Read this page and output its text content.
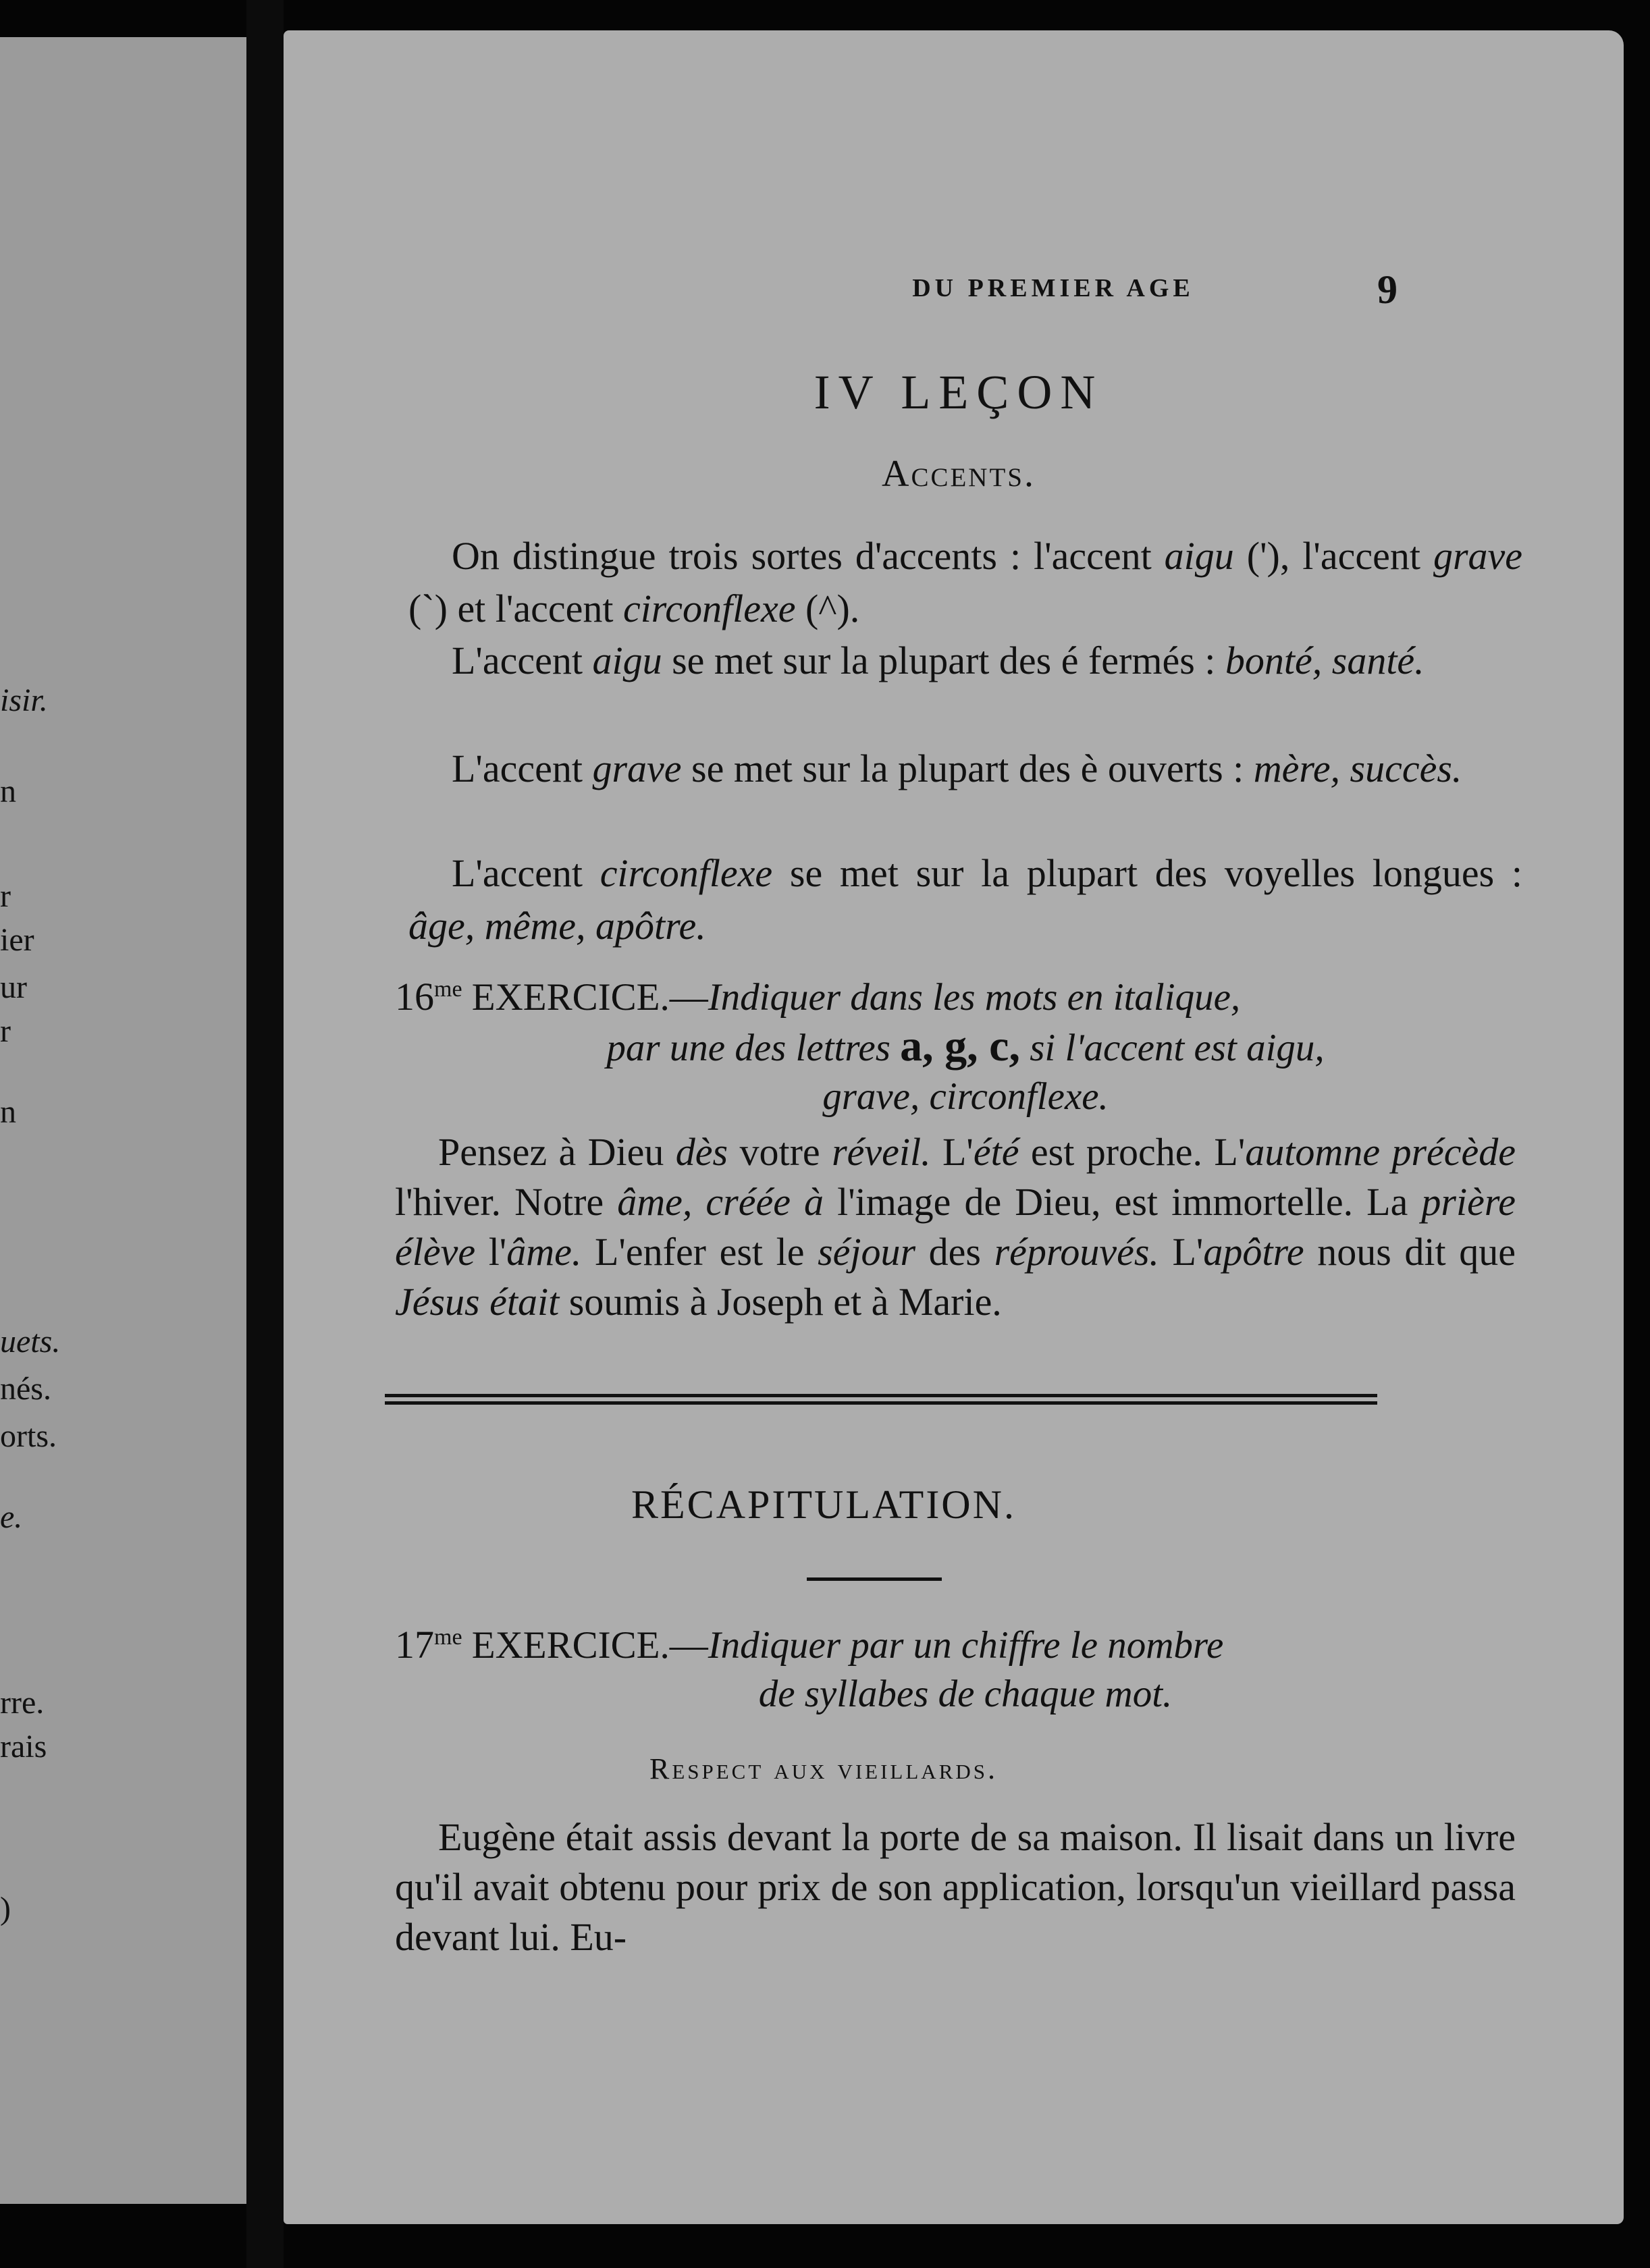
isir.
n
r
ier
ur
r
n
uets.
nés.
orts.
e.
rre.
rais
)
DU PREMIER AGE	9
IV LEÇON
Accents.

On distingue trois sortes d'accents : l'accent aigu ('), l'accent grave (`) et l'accent circonflexe (^).

L'accent aigu se met sur la plupart des é fermés : bonté, santé.

L'accent grave se met sur la plupart des è ouverts : mère, succès.

L'accent circonflexe se met sur la plupart des voyelles longues : âge, même, apôtre.

$16^{me}$ EXERCICE.—Indiquer dans les mots en italique,
par une des lettres a, g, c, si l'accent est aigu,
grave, circonflexe.

Pensez à Dieu dès votre réveil. L'été est proche. L'automne précède l'hiver. Notre âme, créée à l'image de Dieu, est immortelle. La prière élève l'âme. L'enfer est le séjour des réprouvés. L'apôtre nous dit que Jésus était soumis à Joseph et à Marie.

RÉCAPITULATION.
$17^{me}$ EXERCICE.—Indiquer par un chiffre le nombre
de syllabes de chaque mot.
Respect aux vieillards.

Eugène était assis devant la porte de sa maison. Il lisait dans un livre qu'il avait obtenu pour prix de son application, lorsqu'un vieillard passa devant lui. Eu-
